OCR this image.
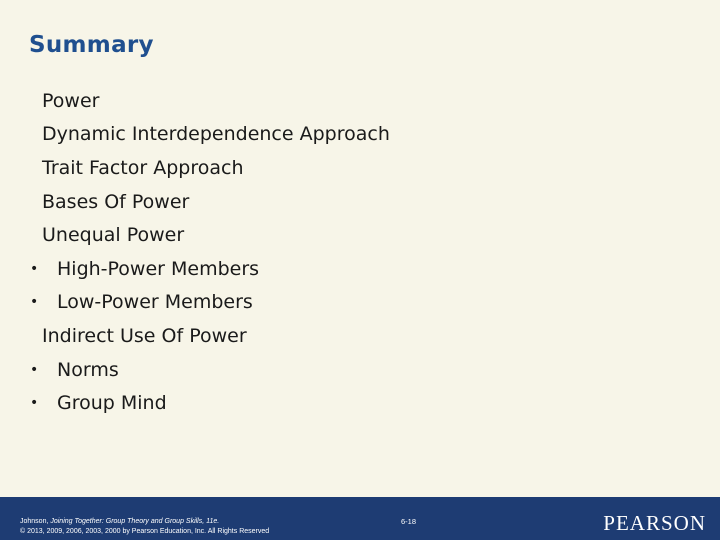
Summary
Power
Dynamic Interdependence Approach
Trait Factor Approach
Bases Of Power
Unequal Power
• High-Power Members
• Low-Power Members
Indirect Use Of Power
• Norms
• Group Mind
Johnson, Joining Together: Group Theory and Group Skills, 11e.
© 2013, 2009, 2006, 2003, 2000 by Pearson Education, Inc. All Rights Reserved
6-18	PEARSON
